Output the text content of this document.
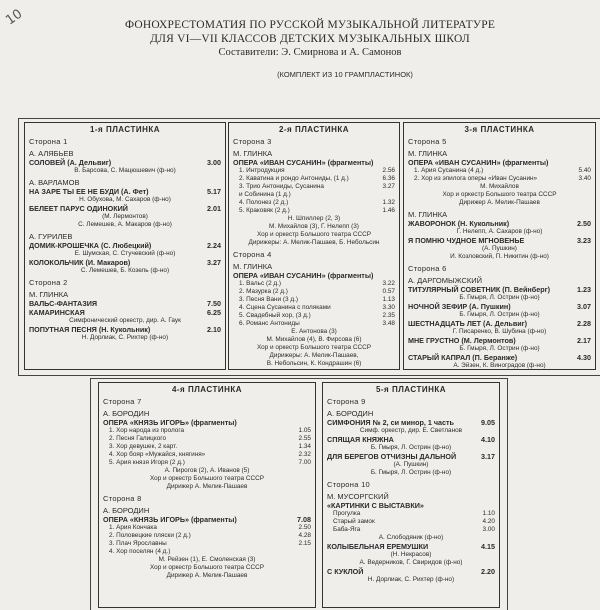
10	ФОНОХРЕСТОМАТИЯ ПО РУССКОЙ МУЗЫКАЛЬНОЙ ЛИТЕРАТУРЕ
ДЛЯ VI—VII КЛАССОВ ДЕТСКИХ МУЗЫКАЛЬНЫХ ШКОЛ
Составители: Э. Смирнова и А. Самонов
(КОМПЛЕКТ ИЗ 10 ГРАМПЛАСТИНОК)
1-я ПЛАСТИНКА
Сторона 1
А. АЛЯБЬЕВ
СОЛОВЕЙ (А. Дельвиг)	3.00
В. Барсова, С. Мацюшевич (ф-но)
А. ВАРЛАМОВ
НА ЗАРЕ ТЫ ЕЕ НЕ БУДИ (А. Фет)	5.17
Н. Обухова, М. Сахаров (ф-но)
БЕЛЕЕТ ПАРУС ОДИНОКИЙ	2.01
(М. Лермонтов)
С. Лемешев, А. Макаров (ф-но)
А. ГУРИЛЕВ
ДОМИК-КРОШЕЧКА (С. Любецкий)	2.24
Е. Шумская, С. Стучевский (ф-но)
КОЛОКОЛЬЧИК (И. Макаров)	3.27
С. Лемешев, Б. Козель (ф-но)
Сторона 2
М. ГЛИНКА
ВАЛЬС-ФАНТАЗИЯ	7.50
КАМАРИНСКАЯ	6.25
Симфонический оркестр, дир. А. Гаук
ПОПУТНАЯ ПЕСНЯ (Н. Кукольник)	2.10
Н. Дорлиак, С. Рихтер (ф-но)
2-я ПЛАСТИНКА
Сторона 3
М. ГЛИНКА
ОПЕРА «ИВАН СУСАНИН» (фрагменты)
1. Интродукция	2.56
2. Каватина и рондо Антониды, (1 д.)	6.36
3. Трио Антониды, Сусанина	3.27
и Собинина (1 д.)
4. Полонез (2 д.)	1.32
5. Краковяк (2 д.)	1.46
Н. Шпиллер (2, 3)
М. Михайлов (3), Г. Нелепп (3)
Хор и оркестр Большого театра СССР
Дирижеры: А. Мелик-Пашаев, Б. Небольсин
Сторона 4
М. ГЛИНКА
ОПЕРА «ИВАН СУСАНИН» (фрагменты)
1. Вальс (2 д.)	3.22
2. Мазурка (2 д.)	0.57
3. Песня Вани (3 д.)	1.13
4. Сцена Сусанина с поляками	3.30
5. Свадебный хор, (3 д.)	2.35
6. Романс Антониды	3.48
Е. Антонова (3)
М. Михайлов (4), В. Фирсова (6)
Хор и оркестр Большого театра СССР
Дирижеры: А. Мелик-Пашаев,
В. Небольсин, К. Кондрашин (6)
3-я ПЛАСТИНКА
Сторона 5
М. ГЛИНКА
ОПЕРА «ИВАН СУСАНИН» (фрагменты)
1. Ария Сусанина (4 д.)	5.40
2. Хор из эпилога оперы «Иван Сусанин»	3.40
М. Михайлов
Хор и оркестр Большого театра СССР
Дирижер А. Мелик-Пашаев
М. ГЛИНКА
ЖАВОРОНОК (Н. Кукольник)	2.50
Г. Нелепп, А. Сахаров (ф-но)
Я ПОМНЮ ЧУДНОЕ МГНОВЕНЬЕ	3.23
(А. Пушкин)
И. Козловский, П. Никитин (ф-но)
Сторона 6
А. ДАРГОМЫЖСКИЙ
ТИТУЛЯРНЫЙ СОВЕТНИК (П. Вейнберг)	1.23
Б. Гмыря, Л. Острин (ф-но)
НОЧНОЙ ЗЕФИР (А. Пушкин)	3.07
Б. Гмыря, Л. Острин (ф-но)
ШЕСТНАДЦАТЬ ЛЕТ (А. Дельвиг)	2.28
Г. Писаренко, В. Шубина (ф-но)
МНЕ ГРУСТНО (М. Лермонтов)	2.17
Б. Гмыря, Л. Острин (ф-но)
СТАРЫЙ КАПРАЛ (П. Беранже)	4.30
А. Эйзен, К. Виноградов (ф-но)
4-я ПЛАСТИНКА
Сторона 7
А. БОРОДИН
ОПЕРА «КНЯЗЬ ИГОРЬ» (фрагменты)
1. Хор народа из пролога	1.05
2. Песня Галицкого	2.55
3. Хор девушек, 2 карт.	1.34
4. Хор бояр «Мужайся, княгиня»	2.32
5. Ария князя Игоря (2 д.)	7.00
А. Пирогов (2), А. Иванов (5)
Хор и оркестр Большого театра СССР
Дирижер А. Мелик-Пашаев
Сторона 8
А. БОРОДИН
ОПЕРА «КНЯЗЬ ИГОРЬ» (фрагменты)	7.08
1. Ария Кончака	2.50
2. Половецкие пляски (2 д.)	4.28
3. Плач Ярославны	2.15
4. Хор поселян (4 д.)
М. Рейзен (1), Е. Смоленская (3)
Хор и оркестр Большого театра СССР
Дирижер А. Мелик-Пашаев
5-я ПЛАСТИНКА
Сторона 9
А. БОРОДИН
СИМФОНИЯ № 2, си минор, 1 часть	9.05
Симф. оркестр, дир. Е. Светланов
СПЯЩАЯ КНЯЖНА	4.10
Б. Гмыря, Л. Острин (ф-но)
ДЛЯ БЕРЕГОВ ОТЧИЗНЫ ДАЛЬНОЙ	3.17
(А. Пушкин)
Б. Гмыря, Л. Острин (ф-но)
Сторона 10
М. МУСОРГСКИЙ
«КАРТИНКИ С ВЫСТАВКИ»
Прогулка	1.10
Старый замок	4.20
Баба-Яга	3.00
А. Слободяник (ф-но)
КОЛЫБЕЛЬНАЯ ЕРЕМУШКИ	4.15
(Н. Некрасов)
А. Ведерников, Г. Свиридов (ф-но)
С КУКЛОЙ	2.20
Н. Дорлиак, С. Рихтер (ф-но)
